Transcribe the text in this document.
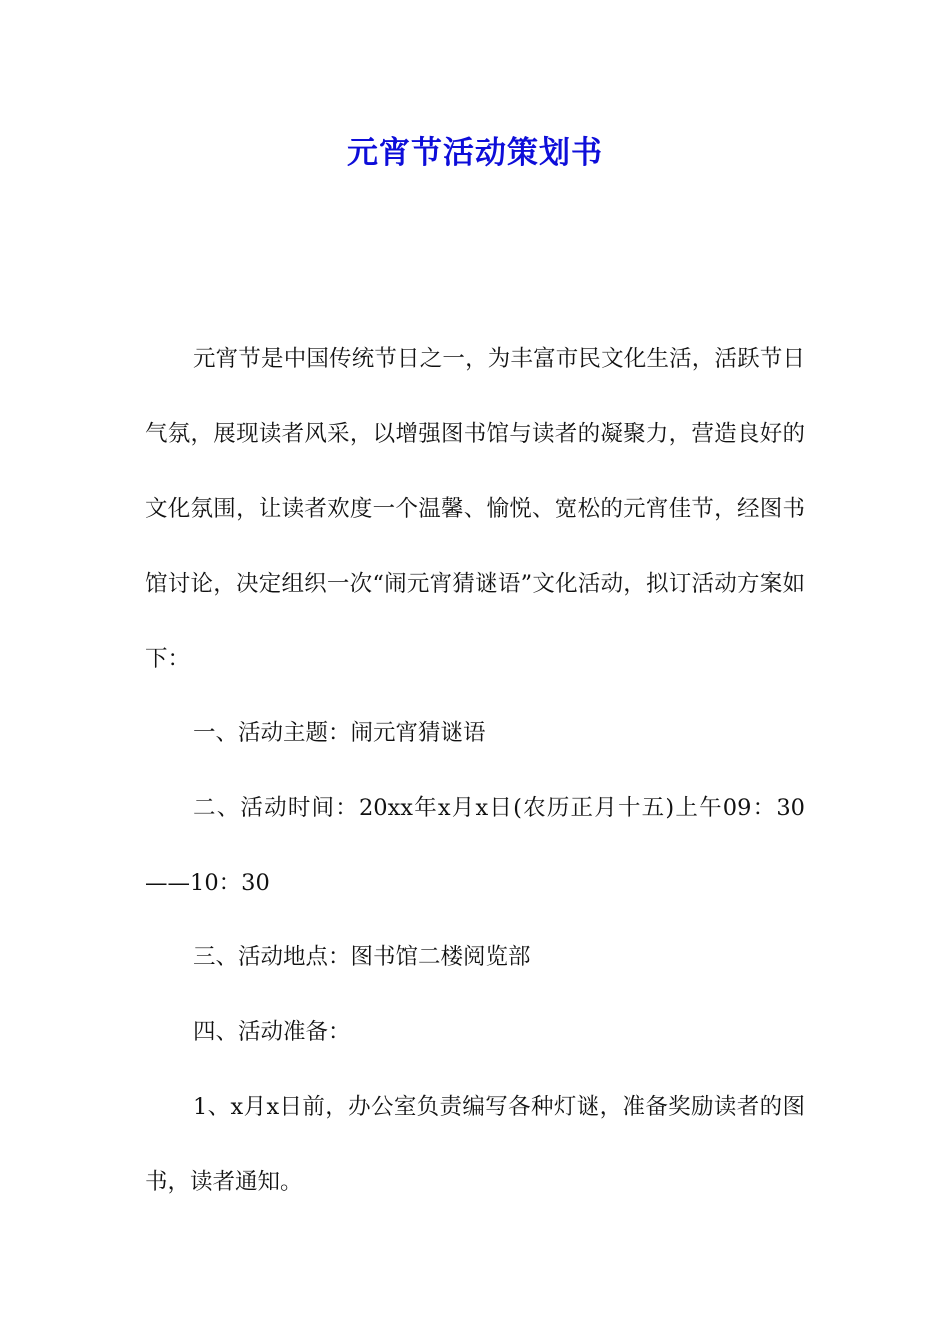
元宵节活动策划书

元宵节是中国传统节日之一，为丰富市民文化生活，活跃节日气氛，展现读者风采，以增强图书馆与读者的凝聚力，营造良好的文化氛围，让读者欢度一个温馨、愉悦、宽松的元宵佳节，经图书馆讨论，决定组织一次“闹元宵猜谜语”文化活动，拟订活动方案如下：

一、活动主题：闹元宵猜谜语

二、活动时间：20xx年x月x日(农历正月十五)上午09：30——10：30

三、活动地点：图书馆二楼阅览部

四、活动准备：

1、x月x日前，办公室负责编写各种灯谜，准备奖励读者的图书，读者通知。
